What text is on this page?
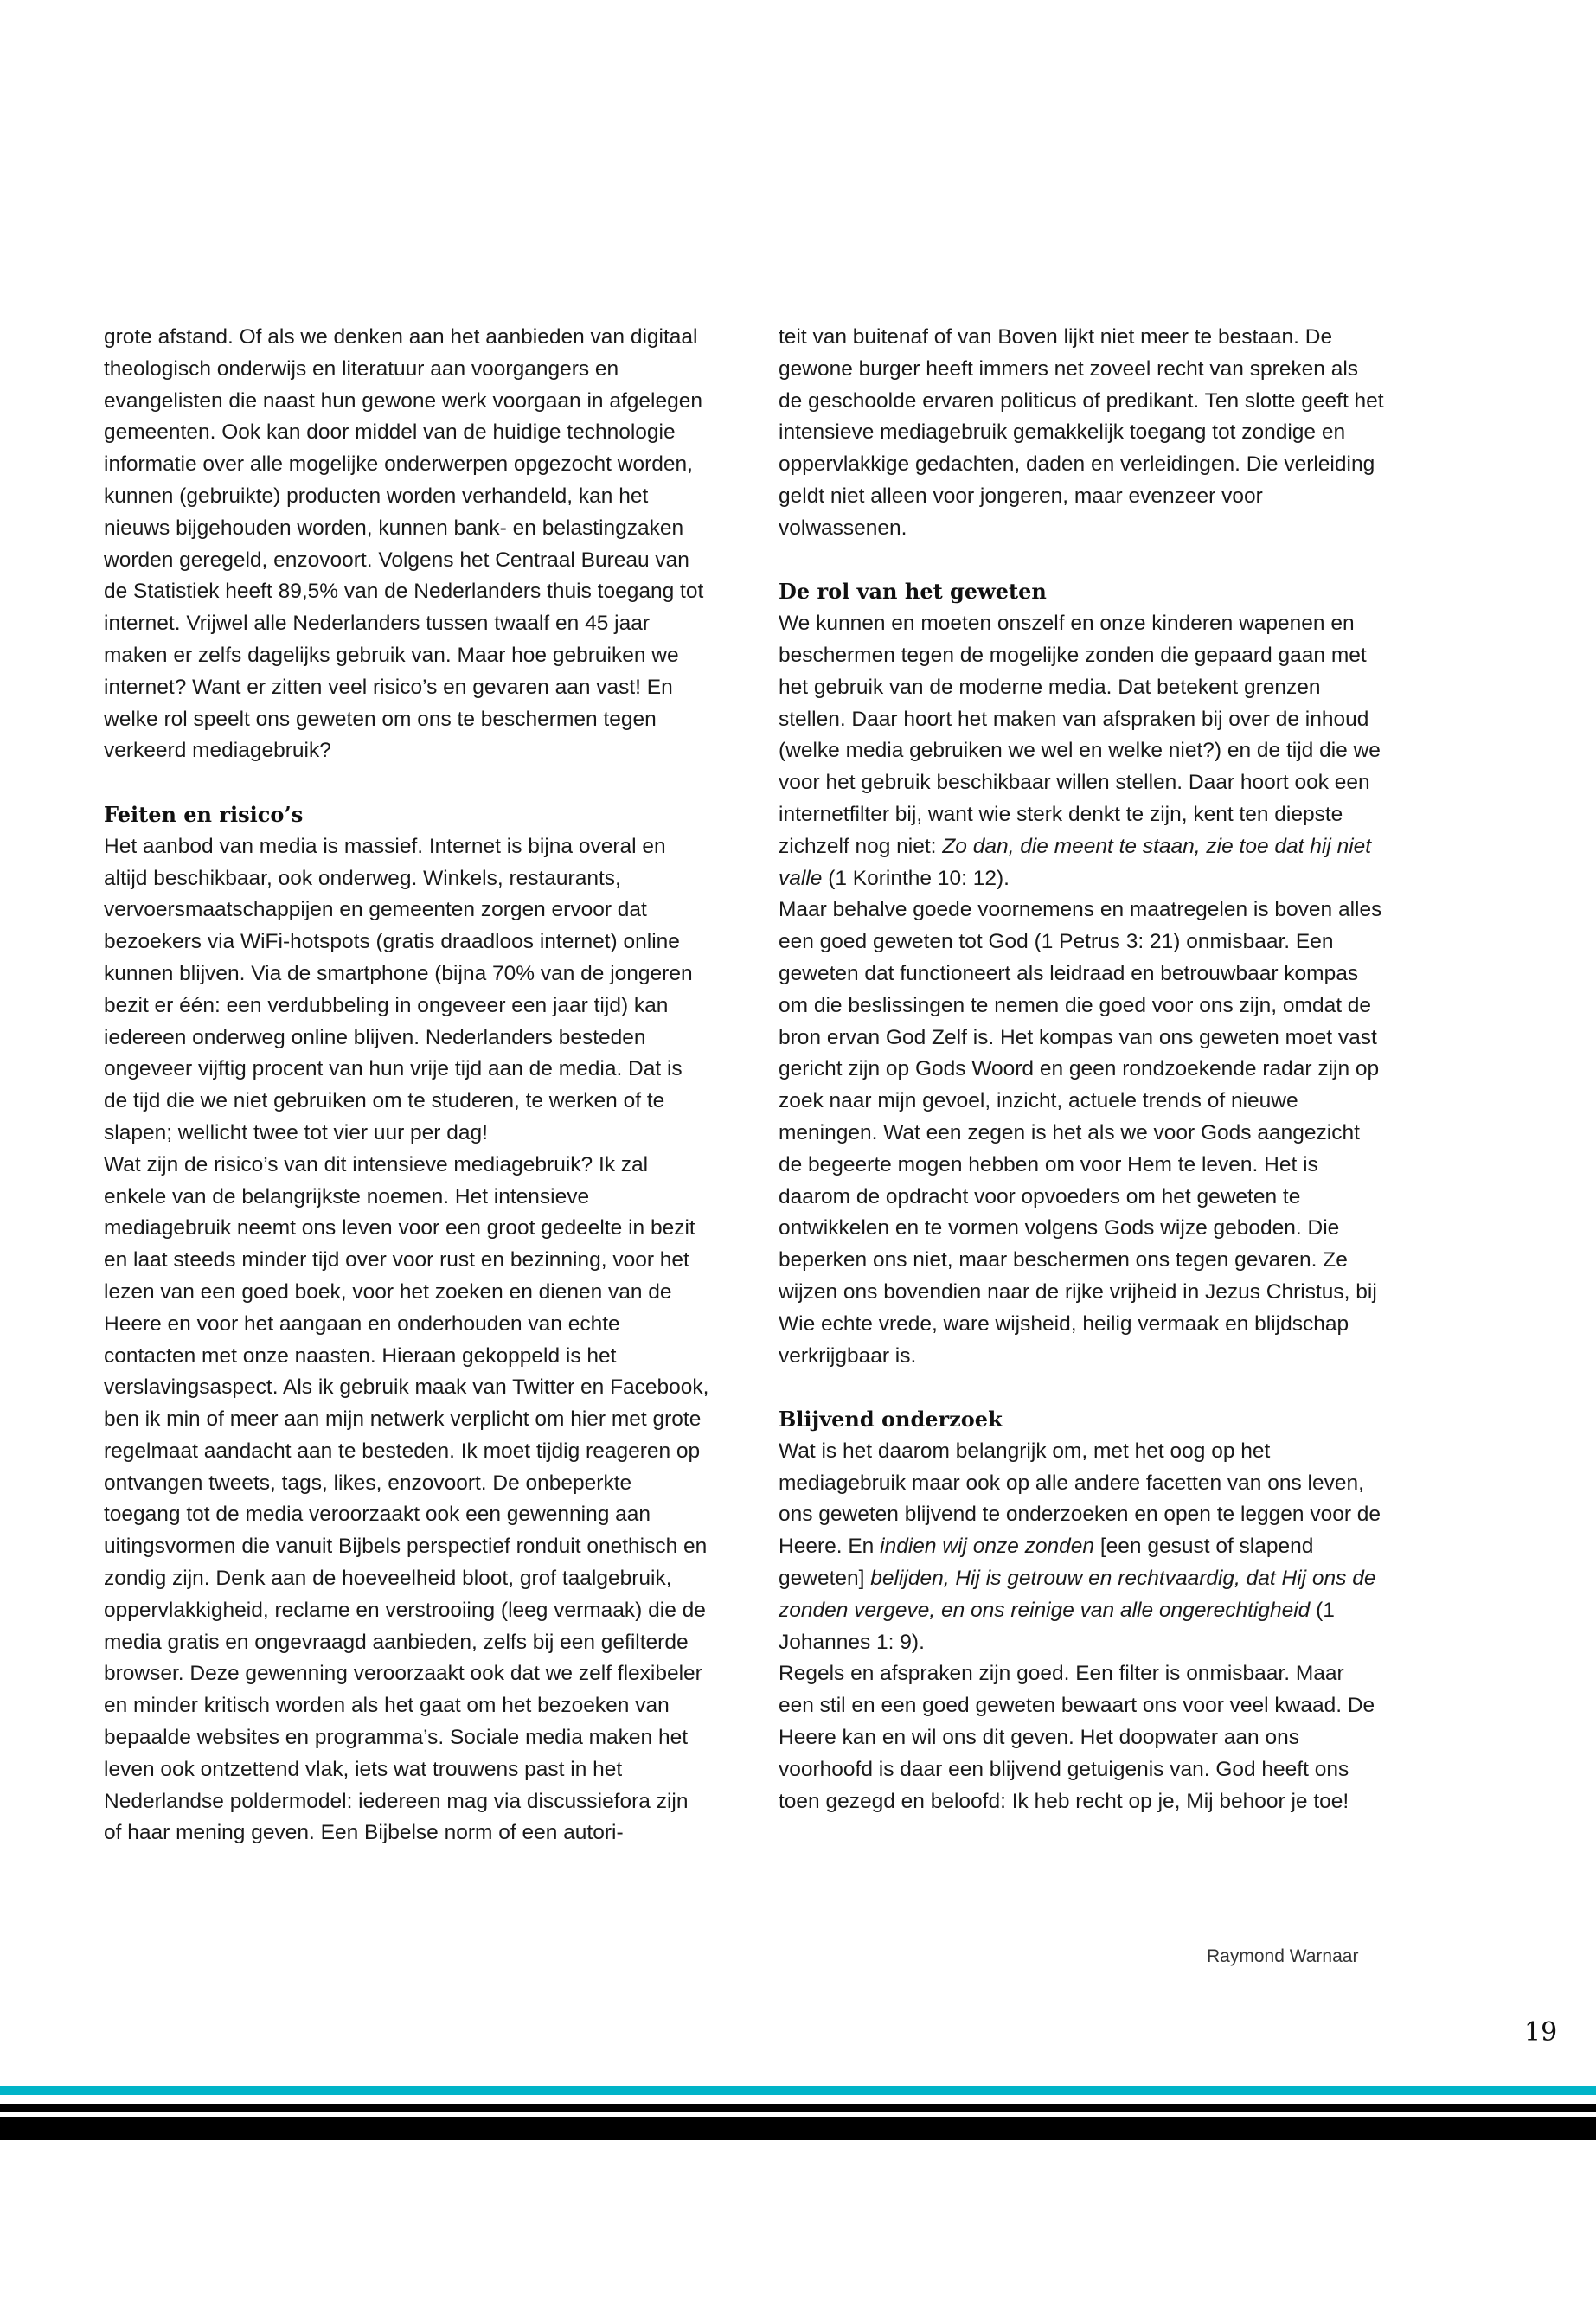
grote afstand. Of als we denken aan het aanbieden van digitaal theologisch onderwijs en literatuur aan voorgangers en evangelisten die naast hun gewone werk voorgaan in afgelegen gemeenten. Ook kan door middel van de huidige technologie informatie over alle mogelijke onderwerpen opgezocht worden, kunnen (gebruikte) producten worden verhandeld, kan het nieuws bijgehouden worden, kunnen bank- en belastingzaken worden geregeld, enzovoort. Volgens het Centraal Bureau van de Statistiek heeft 89,5% van de Nederlanders thuis toegang tot internet. Vrijwel alle Nederlanders tussen twaalf en 45 jaar maken er zelfs dagelijks gebruik van. Maar hoe gebruiken we internet? Want er zitten veel risico’s en gevaren aan vast! En welke rol speelt ons geweten om ons te beschermen tegen verkeerd mediagebruik?

Feiten en risico’s

Het aanbod van media is massief. Internet is bijna overal en altijd beschikbaar, ook onderweg. Winkels, restaurants, vervoersmaatschappijen en gemeenten zorgen ervoor dat bezoekers via WiFi-hotspots (gratis draadloos internet) online kunnen blijven. Via de smartphone (bijna 70% van de jongeren bezit er één: een verdubbeling in ongeveer een jaar tijd) kan iedereen onderweg online blijven. Nederlanders besteden ongeveer vijftig procent van hun vrije tijd aan de media. Dat is de tijd die we niet gebruiken om te studeren, te werken of te slapen; wellicht twee tot vier uur per dag!

Wat zijn de risico’s van dit intensieve mediagebruik? Ik zal enkele van de belangrijkste noemen. Het intensieve mediagebruik neemt ons leven voor een groot gedeelte in bezit en laat steeds minder tijd over voor rust en bezinning, voor het lezen van een goed boek, voor het zoeken en dienen van de Heere en voor het aangaan en onderhouden van echte contacten met onze naasten. Hieraan gekoppeld is het verslavingsaspect. Als ik gebruik maak van Twitter en Facebook, ben ik min of meer aan mijn netwerk verplicht om hier met grote regelmaat aandacht aan te besteden. Ik moet tijdig reageren op ontvangen tweets, tags, likes, enzovoort. De onbeperkte toegang tot de media veroorzaakt ook een gewenning aan uitingsvormen die vanuit Bijbels perspectief ronduit onethisch en zondig zijn. Denk aan de hoeveelheid bloot, grof taalgebruik, oppervlakkigheid, reclame en verstrooiing (leeg vermaak) die de media gratis en ongevraagd aanbieden, zelfs bij een gefilterde browser. Deze gewenning veroorzaakt ook dat we zelf flexibeler en minder kritisch worden als het gaat om het bezoeken van bepaalde websites en programma’s. Sociale media maken het leven ook ontzettend vlak, iets wat trouwens past in het Nederlandse poldermodel: iedereen mag via discussiefora zijn of haar mening geven. Een Bijbelse norm of een autori-

teit van buitenaf of van Boven lijkt niet meer te bestaan. De gewone burger heeft immers net zoveel recht van spreken als de geschoolde ervaren politicus of predikant. Ten slotte geeft het intensieve mediagebruik gemakkelijk toegang tot zondige en oppervlakkige gedachten, daden en verleidingen. Die verleiding geldt niet alleen voor jongeren, maar evenzeer voor volwassenen.

De rol van het geweten

We kunnen en moeten onszelf en onze kinderen wapenen en beschermen tegen de mogelijke zonden die gepaard gaan met het gebruik van de moderne media. Dat betekent grenzen stellen. Daar hoort het maken van afspraken bij over de inhoud (welke media gebruiken we wel en welke niet?) en de tijd die we voor het gebruik beschikbaar willen stellen. Daar hoort ook een internetfilter bij, want wie sterk denkt te zijn, kent ten diepste zichzelf nog niet: Zo dan, die meent te staan, zie toe dat hij niet valle (1 Korinthe 10: 12).

Maar behalve goede voornemens en maatregelen is boven alles een goed geweten tot God (1 Petrus 3: 21) onmisbaar. Een geweten dat functioneert als leidraad en betrouwbaar kompas om die beslissingen te nemen die goed voor ons zijn, omdat de bron ervan God Zelf is. Het kompas van ons geweten moet vast gericht zijn op Gods Woord en geen rondzoekende radar zijn op zoek naar mijn gevoel, inzicht, actuele trends of nieuwe meningen. Wat een zegen is het als we voor Gods aangezicht de begeerte mogen hebben om voor Hem te leven. Het is daarom de opdracht voor opvoeders om het geweten te ontwikkelen en te vormen volgens Gods wijze geboden. Die beperken ons niet, maar beschermen ons tegen gevaren. Ze wijzen ons bovendien naar de rijke vrijheid in Jezus Christus, bij Wie echte vrede, ware wijsheid, heilig vermaak en blijdschap verkrijgbaar is.

Blijvend onderzoek

Wat is het daarom belangrijk om, met het oog op het mediagebruik maar ook op alle andere facetten van ons leven, ons geweten blijvend te onderzoeken en open te leggen voor de Heere. En indien wij onze zonden [een gesust of slapend geweten] belijden, Hij is getrouw en rechtvaardig, dat Hij ons de zonden vergeve, en ons reinige van alle ongerechtigheid (1 Johannes 1: 9).

Regels en afspraken zijn goed. Een filter is onmisbaar. Maar een stil en een goed geweten bewaart ons voor veel kwaad. De Heere kan en wil ons dit geven. Het doopwater aan ons voorhoofd is daar een blijvend getuigenis van. God heeft ons toen gezegd en beloofd: Ik heb recht op je, Mij behoor je toe!

Raymond Warnaar
19
